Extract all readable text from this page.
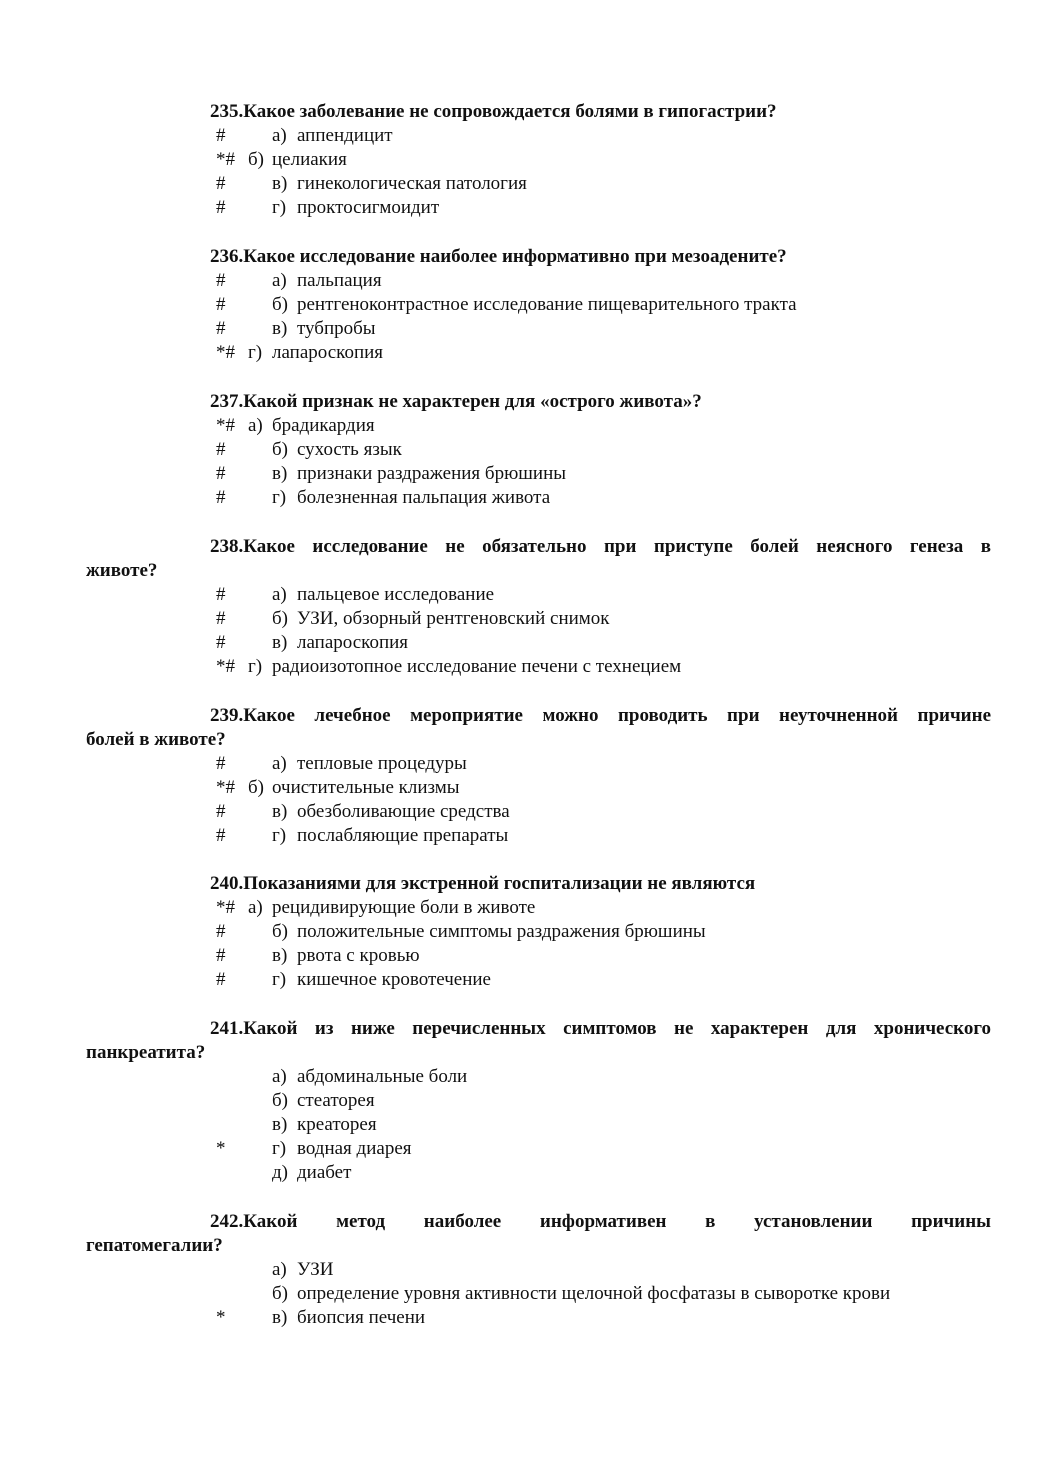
235.Какое заболевание не сопровождается болями в гипогастрии?

# а) аппендицит
*# б) целиакия
# в) гинекологическая патология
# г) проктосигмоидит

236.Какое исследование наиболее информативно при мезоадените?

# а) пальпация
# б) рентгеноконтрастное исследование пищеварительного тракта
# в) тубпробы
*# г) лапароскопия

237.Какой признак не характерен для «острого живота»?

*# а) брадикардия
# б) сухость язык
# в) признаки раздражения брюшины
# г) болезненная пальпация живота

238.Какое исследование не обязательно при приступе болей неясного генеза в
животе?

# а) пальцевое исследование
# б) УЗИ, обзорный рентгеновский снимок
# в) лапароскопия
*# г) радиоизотопное исследование печени с технецием

239.Какое лечебное мероприятие можно проводить при неуточненной причине
болей в животе?

# а) тепловые процедуры
*# б) очистительные клизмы
# в) обезболивающие средства
# г) послабляющие препараты

240.Показаниями для экстренной госпитализации не являются

*# а) рецидивирующие боли в животе
# б) положительные симптомы раздражения брюшины
# в) рвота с кровью
# г) кишечное кровотечение

241.Какой из ниже перечисленных симптомов не характерен для хронического
панкреатита?

а) абдоминальные боли
б) стеаторея
в) креаторея
* г) водная диарея
д) диабет

242.Какой метод наиболее информативен в установлении причины
гепатомегалии?

а) УЗИ
б) определение уровня активности щелочной фосфатазы в сыворотке крови
* в) биопсия печени
